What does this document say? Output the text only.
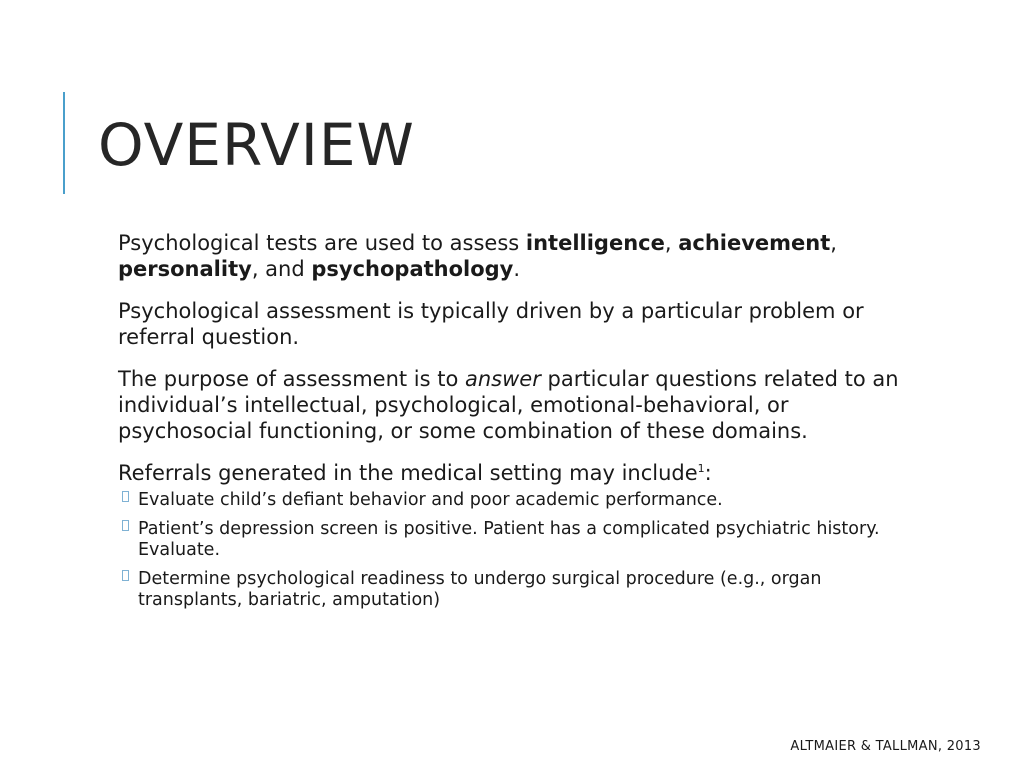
OVERVIEW

Psychological tests are used to assess intelligence, achievement, personality, and psychopathology.

Psychological assessment is typically driven by a particular problem or referral question.

The purpose of assessment is to answer particular questions related to an individual’s intellectual, psychological, emotional-behavioral, or psychosocial functioning, or some combination of these domains.

Referrals generated in the medical setting may include$^1$:

Evaluate child’s defiant behavior and poor academic performance.
Patient’s depression screen is positive. Patient has a complicated psychiatric history. Evaluate.
Determine psychological readiness to undergo surgical procedure (e.g., organ transplants, bariatric, amputation)
ALTMAIER & TALLMAN, 2013
